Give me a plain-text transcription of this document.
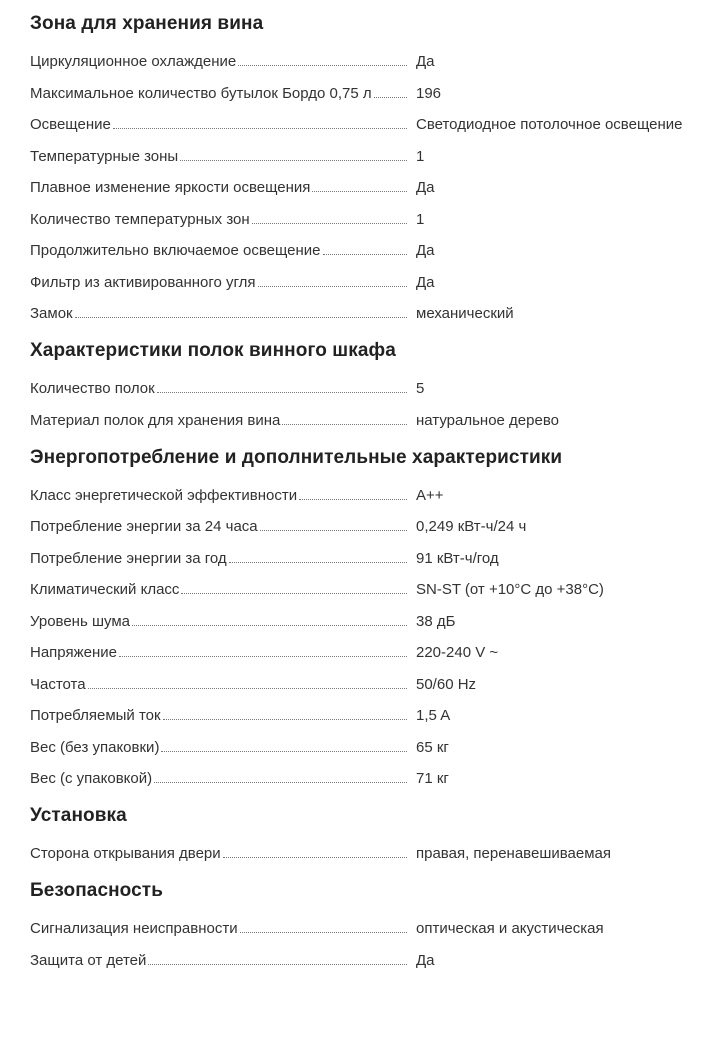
Зона для хранения вина
Циркуляционное охлаждение	Да
Максимальное количество бутылок Бордо 0,75 л	196
Освещение	Светодиодное потолочное освещение
Температурные зоны	1
Плавное изменение яркости освещения	Да
Количество температурных зон	1
Продолжительно включаемое освещение	Да
Фильтр из активированного угля	Да
Замок	механический
Характеристики полок винного шкафа
Количество полок	5
Материал полок для хранения вина	натуральное дерево
Энергопотребление и дополнительные характеристики
Класс энергетической эффективности	A++
Потребление энергии за 24 часа	0,249 кВт-ч/24 ч
Потребление энергии за год	91 кВт-ч/год
Климатический класс	SN-ST (от +10°C до +38°C)
Уровень шума	38 дБ
Напряжение	220-240 V ~
Частота	50/60 Hz
Потребляемый ток	1,5 A
Вес (без упаковки)	65 кг
Вес (с упаковкой)	71 кг
Установка
Сторона открывания двери	правая, перенавешиваемая
Безопасность
Сигнализация неисправности	оптическая и акустическая
Защита от детей	Да
